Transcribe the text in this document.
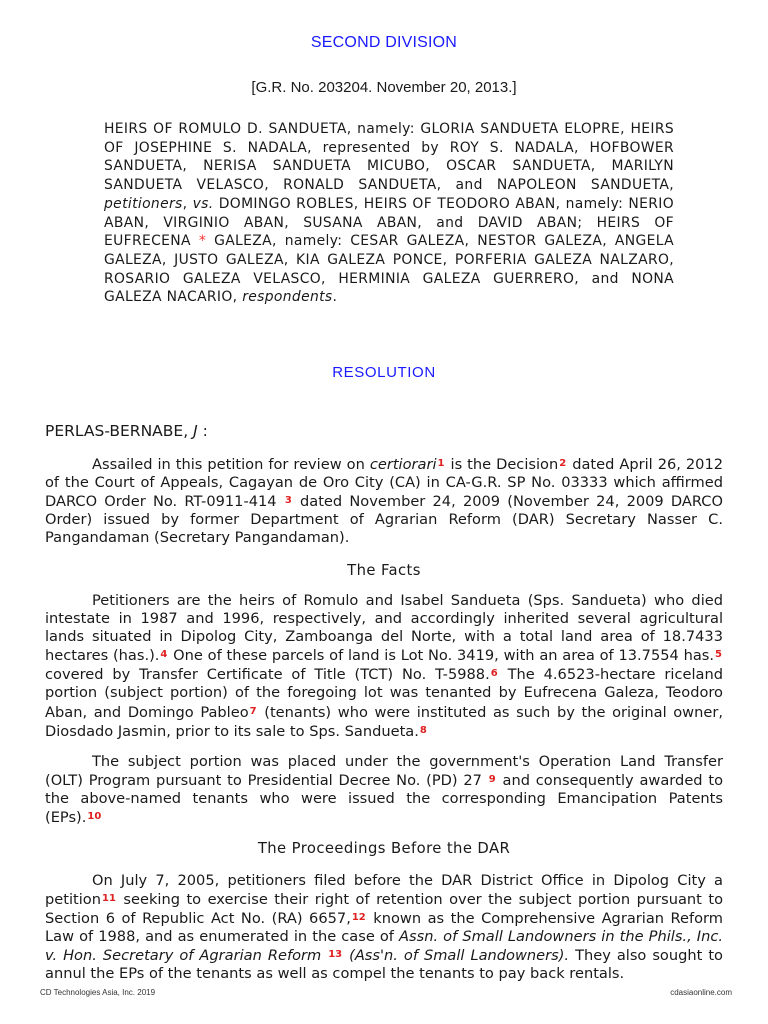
SECOND DIVISION
[G.R. No. 203204. November 20, 2013.]
HEIRS OF ROMULO D. SANDUETA, namely: GLORIA SANDUETA ELOPRE, HEIRS OF JOSEPHINE S. NADALA, represented by ROY S. NADALA, HOFBOWER SANDUETA, NERISA SANDUETA MICUBO, OSCAR SANDUETA, MARILYN SANDUETA VELASCO, RONALD SANDUETA, and NAPOLEON SANDUETA, petitioners, vs. DOMINGO ROBLES, HEIRS OF TEODORO ABAN, namely: NERIO ABAN, VIRGINIO ABAN, SUSANA ABAN, and DAVID ABAN; HEIRS OF EUFRECENA * GALEZA, namely: CESAR GALEZA, NESTOR GALEZA, ANGELA GALEZA, JUSTO GALEZA, KIA GALEZA PONCE, PORFERIA GALEZA NALZARO, ROSARIO GALEZA VELASCO, HERMINIA GALEZA GUERRERO, and NONA GALEZA NACARIO, respondents.
RESOLUTION
PERLAS-BERNABE, J :

Assailed in this petition for review on certiorari$^1$ is the Decision$^2$ dated April 26, 2012 of the Court of Appeals, Cagayan de Oro City (CA) in CA-G.R. SP No. 03333 which affirmed DARCO Order No. RT-0911-414 $^3$ dated November 24, 2009 (November 24, 2009 DARCO Order) issued by former Department of Agrarian Reform (DAR) Secretary Nasser C. Pangandaman (Secretary Pangandaman).

The Facts

Petitioners are the heirs of Romulo and Isabel Sandueta (Sps. Sandueta) who died intestate in 1987 and 1996, respectively, and accordingly inherited several agricultural lands situated in Dipolog City, Zamboanga del Norte, with a total land area of 18.7433 hectares (has.).$^4$ One of these parcels of land is Lot No. 3419, with an area of 13.7554 has.$^5$ covered by Transfer Certificate of Title (TCT) No. T-5988.$^6$ The 4.6523-hectare riceland portion (subject portion) of the foregoing lot was tenanted by Eufrecena Galeza, Teodoro Aban, and Domingo Pableo$^7$ (tenants) who were instituted as such by the original owner, Diosdado Jasmin, prior to its sale to Sps. Sandueta.$^8$

The subject portion was placed under the government's Operation Land Transfer (OLT) Program pursuant to Presidential Decree No. (PD) 27 $^9$ and consequently awarded to the above-named tenants who were issued the corresponding Emancipation Patents (EPs).$^{10}$

The Proceedings Before the DAR

On July 7, 2005, petitioners filed before the DAR District Office in Dipolog City a petition$^{11}$ seeking to exercise their right of retention over the subject portion pursuant to Section 6 of Republic Act No. (RA) 6657,12 known as the Comprehensive Agrarian Reform Law of 1988, and as enumerated in the case of Assn. of Small Landowners in the Phils., Inc. v. Hon. Secretary of Agrarian Reform $^{13}$ (Ass'n. of Small Landowners). They also sought to annul the EPs of the tenants as well as compel the tenants to pay back rentals.

CD Technologies Asia, Inc. 2019	cdasiaonline.com
